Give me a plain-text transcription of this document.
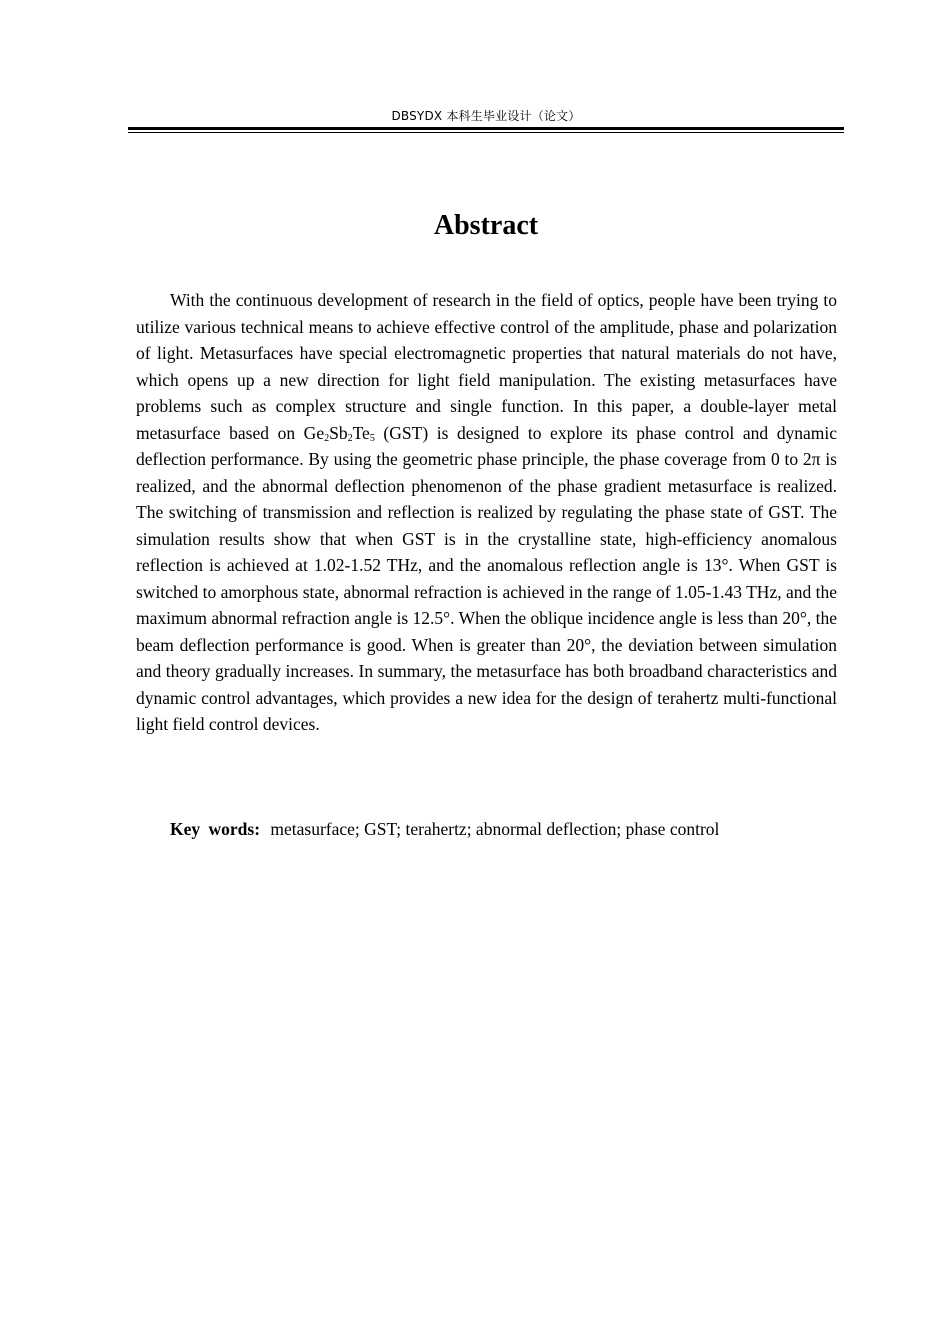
DBSYDX 本科生毕业设计（论文）
Abstract

With the continuous development of research in the field of optics, people have been trying to utilize various technical means to achieve effective control of the amplitude, phase and polarization of light. Metasurfaces have special electromagnetic properties that natural materials do not have, which opens up a new direction for light field manipulation. The existing metasurfaces have problems such as complex structure and single function. In this paper, a double-layer metal metasurface based on $Ge_2Sb_2Te_5$ (GST) is designed to explore its phase control and dynamic deflection performance. By using the geometric phase principle, the phase coverage from 0 to 2π is realized, and the abnormal deflection phenomenon of the phase gradient metasurface is realized. The switching of transmission and reflection is realized by regulating the phase state of GST. The simulation results show that when GST is in the crystalline state, high-efficiency anomalous reflection is achieved at 1.02-1.52 THz, and the anomalous reflection angle is 13°. When GST is switched to amorphous state, abnormal refraction is achieved in the range of 1.05-1.43 THz, and the maximum abnormal refraction angle is 12.5°. When the oblique incidence angle is less than 20°, the beam deflection performance is good. When is greater than 20°, the deviation between simulation and theory gradually increases. In summary, the metasurface has both broadband characteristics and dynamic control advantages, which provides a new idea for the design of terahertz multi-functional light field control devices.

Key words: metasurface; GST; terahertz; abnormal deflection; phase control
